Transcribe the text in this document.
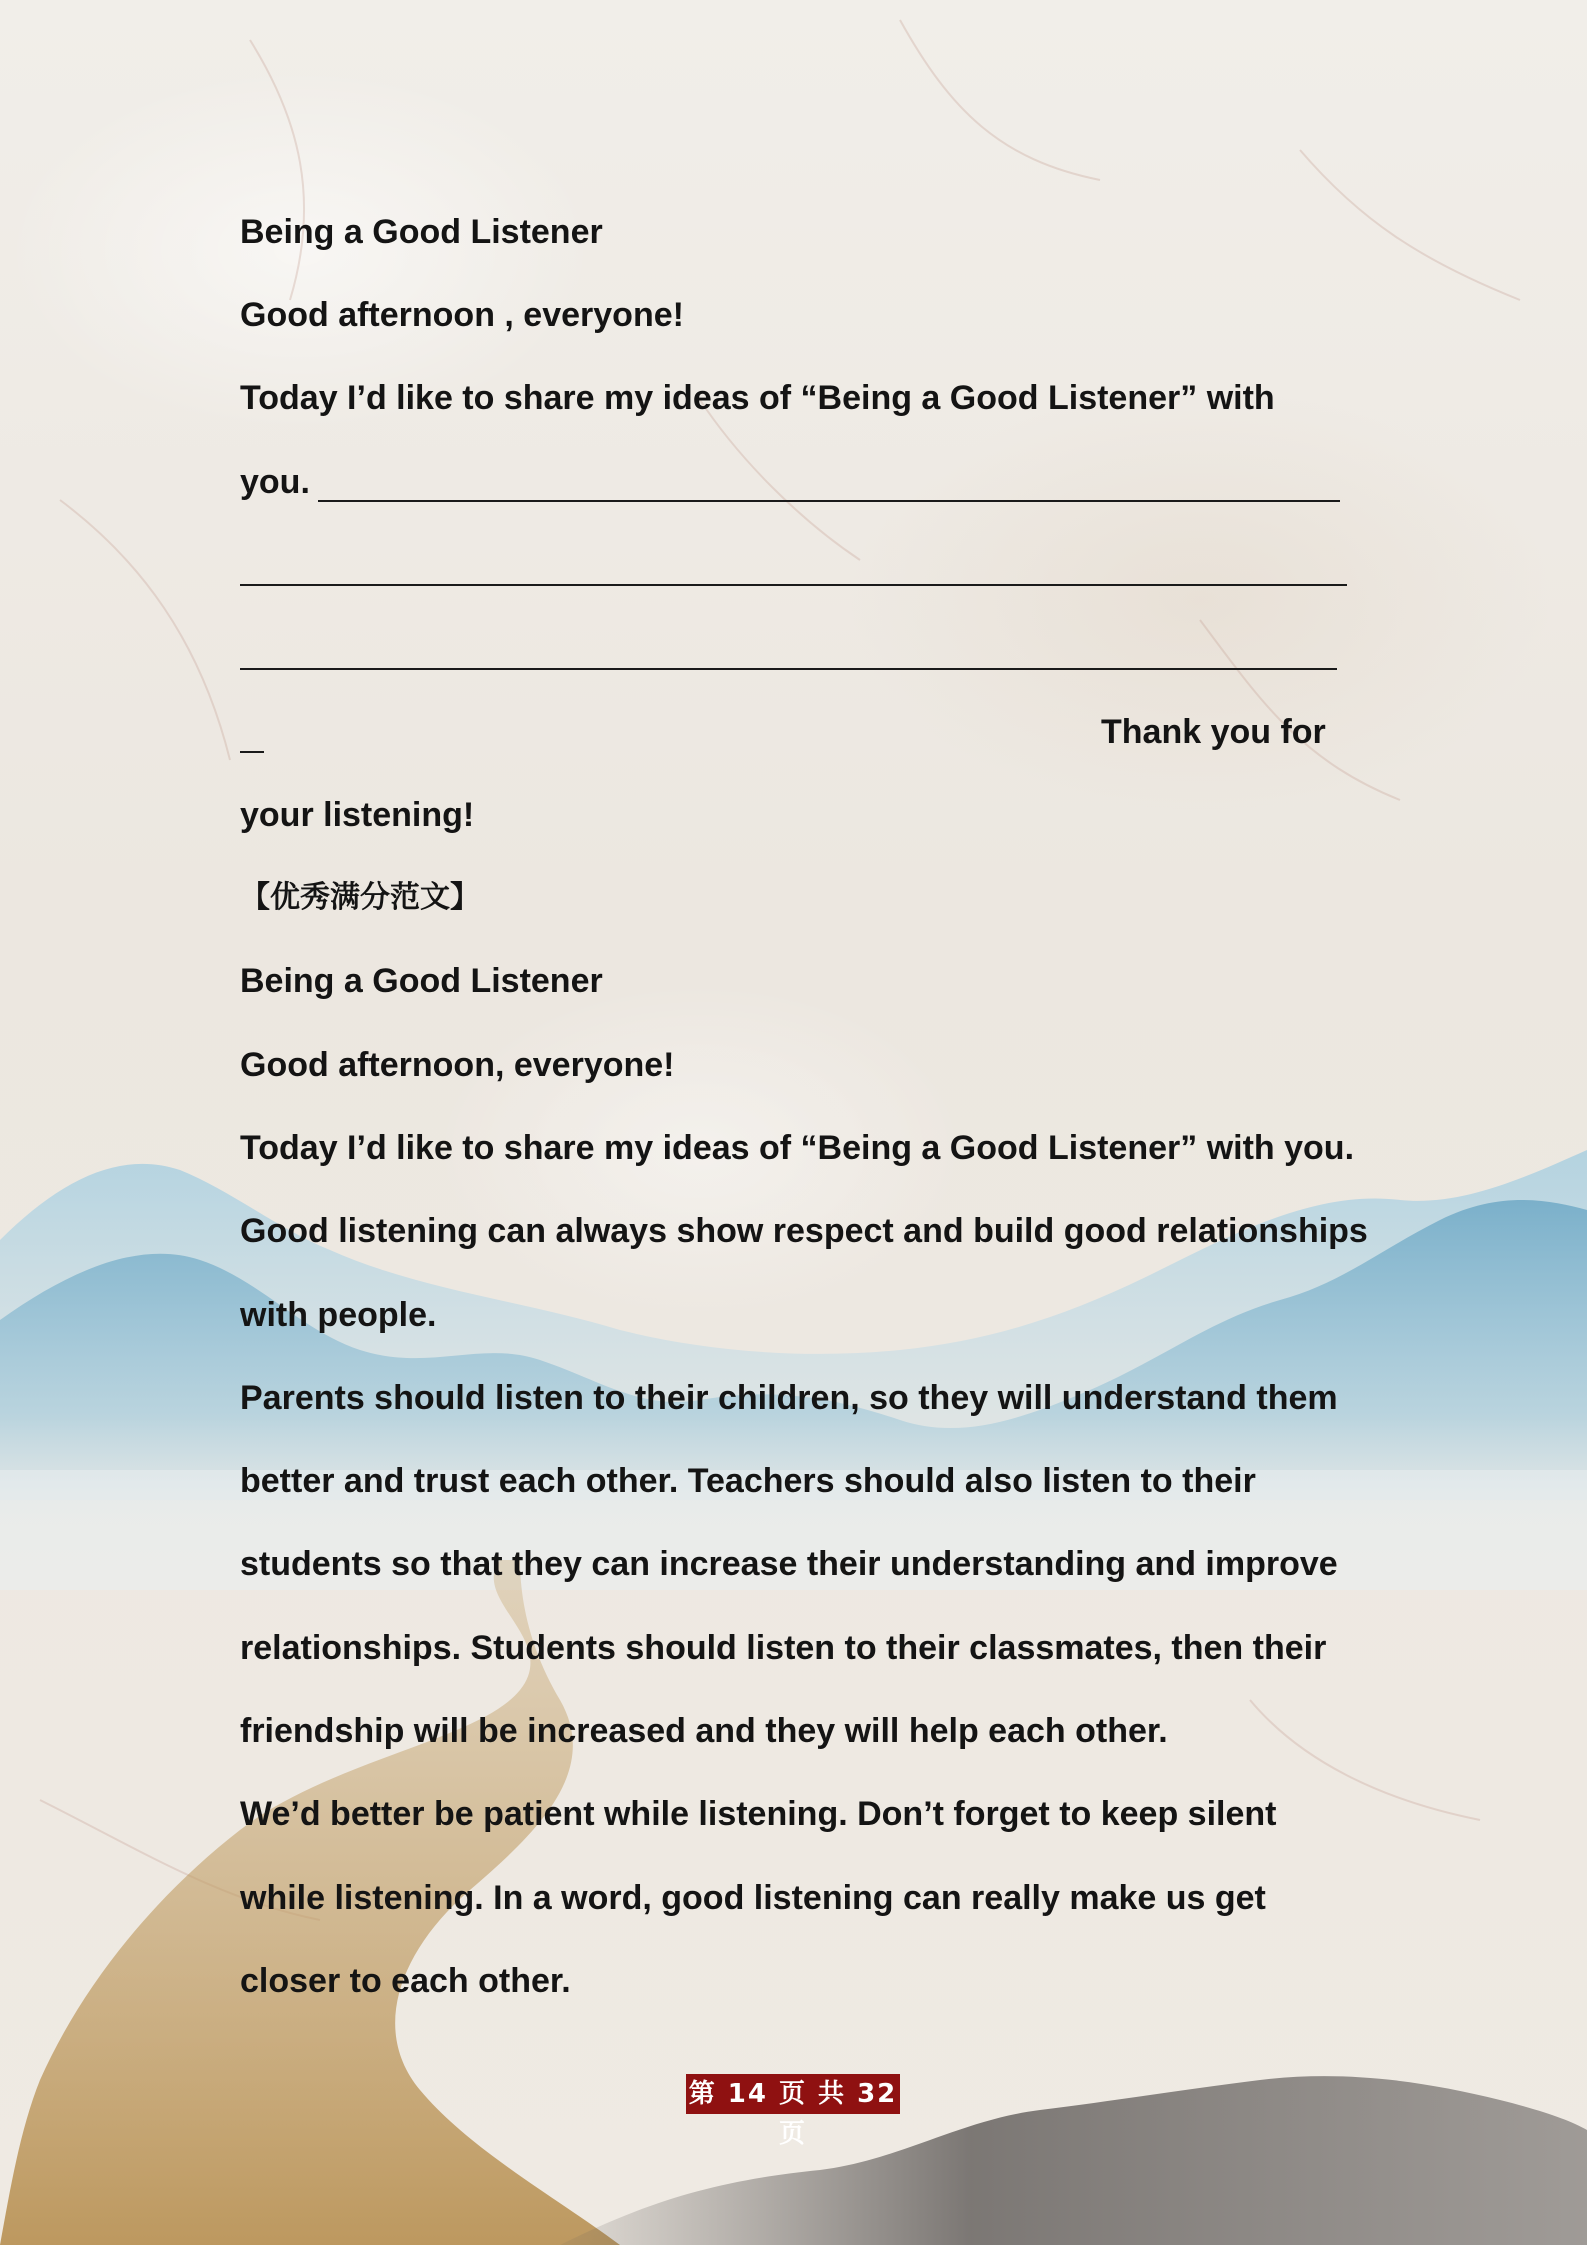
Being a Good Listener
Good afternoon , everyone!
Today I’d like to share my ideas of “Being a Good Listener” with
you.
Thank you for
your listening!
【优秀满分范文】
Being a Good Listener
Good afternoon, everyone!
Today I’d like to share my ideas of “Being a Good Listener” with you.
Good listening can always show respect and build good relationships
with people.
Parents should listen to their children, so they will understand them
better and trust each other. Teachers should also listen to their
students so that they can increase their understanding and improve
relationships. Students should listen to their classmates, then their
friendship will be increased and they will help each other.
We’d better be patient while listening. Don’t forget to keep silent
while listening. In a word, good listening can really make us get
closer to each other.
第 14 页 共 32 页
